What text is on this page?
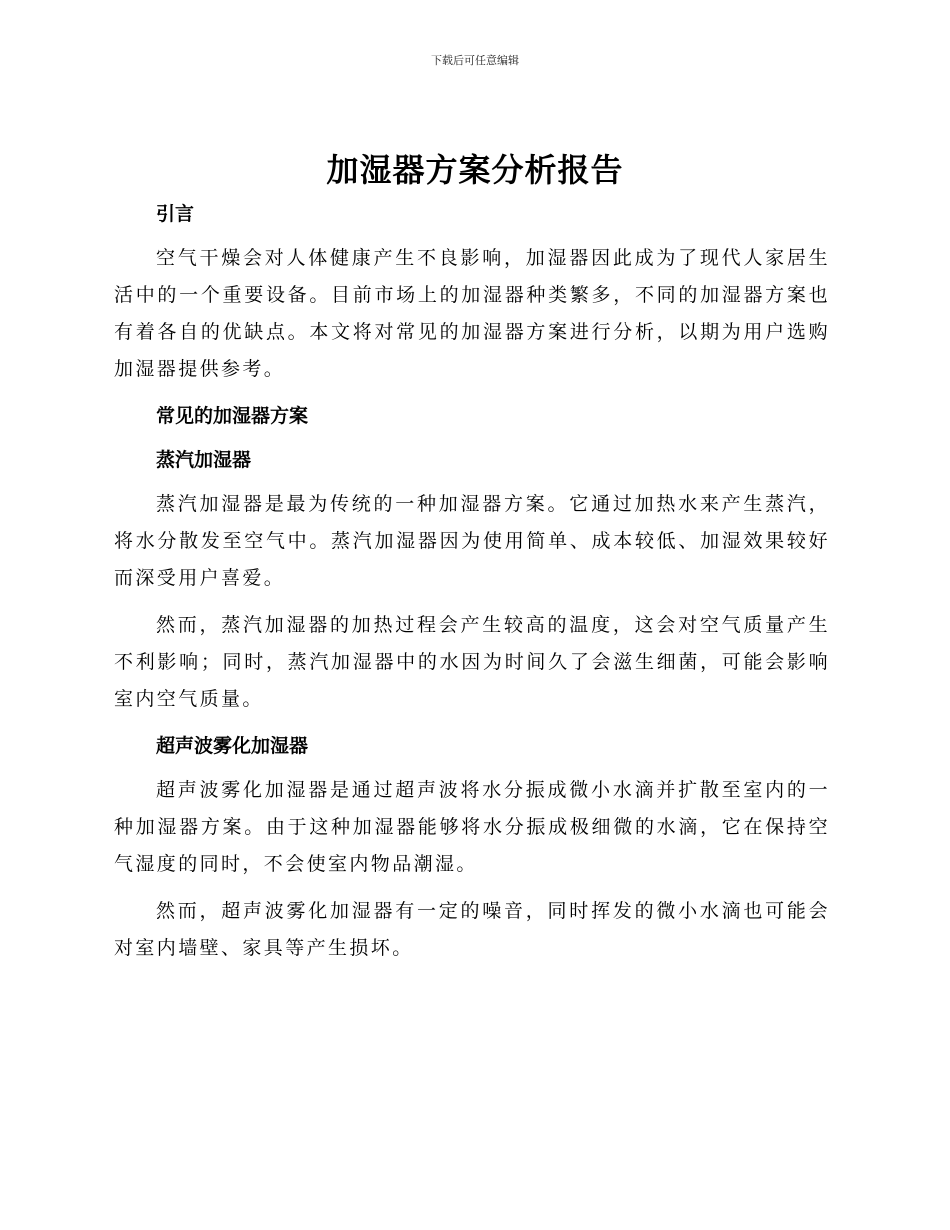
下载后可任意编辑
加湿器方案分析报告
引言

空气干燥会对人体健康产生不良影响，加湿器因此成为了现代人家居生活中的一个重要设备。目前市场上的加湿器种类繁多，不同的加湿器方案也有着各自的优缺点。本文将对常见的加湿器方案进行分析，以期为用户选购加湿器提供参考。

常见的加湿器方案
蒸汽加湿器

蒸汽加湿器是最为传统的一种加湿器方案。它通过加热水来产生蒸汽，将水分散发至空气中。蒸汽加湿器因为使用简单、成本较低、加湿效果较好而深受用户喜爱。

然而，蒸汽加湿器的加热过程会产生较高的温度，这会对空气质量产生不利影响；同时，蒸汽加湿器中的水因为时间久了会滋生细菌，可能会影响室内空气质量。

超声波雾化加湿器

超声波雾化加湿器是通过超声波将水分振成微小水滴并扩散至室内的一种加湿器方案。由于这种加湿器能够将水分振成极细微的水滴，它在保持空气湿度的同时，不会使室内物品潮湿。

然而，超声波雾化加湿器有一定的噪音，同时挥发的微小水滴也可能会对室内墙壁、家具等产生损坏。
